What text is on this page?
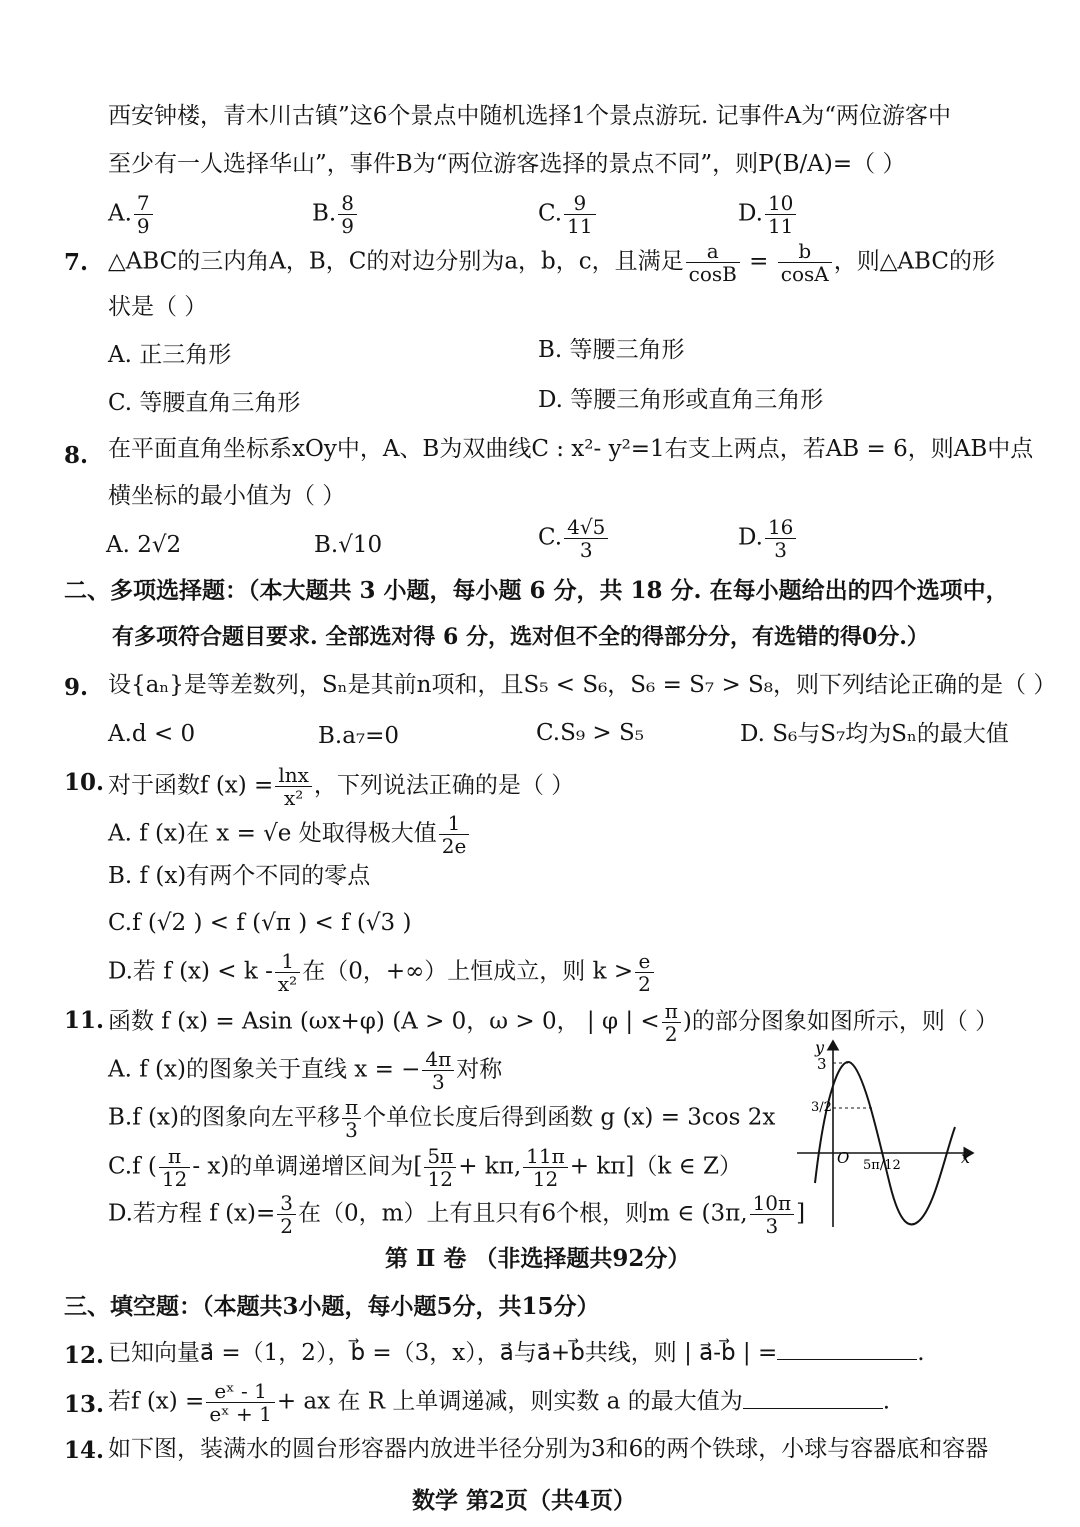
西安钟楼，青木川古镇”这6个景点中随机选择1个景点游玩. 记事件A为“两位游客中
至少有一人选择华山”，事件B为“两位游客选择的景点不同”，则P(B/A)=（ ）
A. $\frac{7}{9}$	B. $\frac{8}{9}$	C. $\frac{9}{11}$	D. $\frac{10}{11}$
7. △ABC的三内角A，B，C的对边分别为a，b，c，且满足 $\frac{a}{\cos B} = \frac{b}{\cos A}$ ，则△ABC的形
状是（ ）
A. 正三角形	B. 等腰三角形
C. 等腰直角三角形	D. 等腰三角形或直角三角形
8. 在平面直角坐标系xOy中，A、B为双曲线C : x²- y²=1右支上两点，若AB = 6，则AB中点
横坐标的最小值为（ ）
A. 2√2	B.√10	C. $\frac{4√5}{3}$	D. $\frac{16}{3}$
二、多项选择题：（本大题共 3 小题，每小题 6 分，共 18 分. 在每小题给出的四个选项中，
有多项符合题目要求. 全部选对得 6 分，选对但不全的得部分分，有选错的得0分.）
9. 设{aₙ}是等差数列，Sₙ是其前n项和，且S₅ < S₆，S₆ = S₇ > S₈，则下列结论正确的是（ ）
A.d < 0	B.a₇=0	C.S₉ > S₅	D. S₆与S₇均为Sₙ的最大值
10. 对于函数f $(x) = \frac{\ln x}{\text{x²}}$ ，下列说法正确的是（ ）
A. f (x)在 x = √e 处取得极大值 $\frac{1}{2e}$
B. f (x)有两个不同的零点
C.f (√2 ) < f (√π ) < f (√3 )
D.若 f $(x) < k - \frac{1}{\text{x²}}$ 在（0，+∞）上恒成立，则 $k > \frac{e}{2}$
11. 函数 f (x) = Asin (ωx+φ) (A > 0，ω > 0， | φ | < $\frac{\pi}{2}$ )的部分图象如图所示，则（ ）
A. f (x)的图象关于直线 x = − $\frac{4\pi}{3}$ 对称
B.f (x)的图象向左平移 $\frac{\pi}{3}$ 个单位长度后得到函数 g (x) = 3cos 2x
C.f ( $\frac{\pi}{12} - x$)的单调递增区间为[ $\frac{5\pi}{12} + k\pi$, $\frac{11\pi}{12} + k\pi](k$ ∈ Z）
D.若方程 f $(x)= \frac{3}{2}$ 在（0，m）上有且只有6个根，则m ∈ (3π, $\frac{10\pi}{3}$ ]
y
x
O
3
3/2
5π/12
第 Ⅱ 卷 （非选择题共92分）
三、填空题：（本题共3小题，每小题5分，共15分）
12. 已知向量a⃗ =（1，2），b⃗ =（3，x），a⃗与a⃗+b⃗共线，则 | a⃗-b⃗ | =	.
13. 若f $(x) = \frac{\text{eˣ - 1}}{\text{eˣ + 1}}$ + ax 在 R 上单调递减，则实数 a 的最大值为	.
14. 如下图，装满水的圆台形容器内放进半径分别为3和6的两个铁球，小球与容器底和容器
数学 第2页（共4页）
